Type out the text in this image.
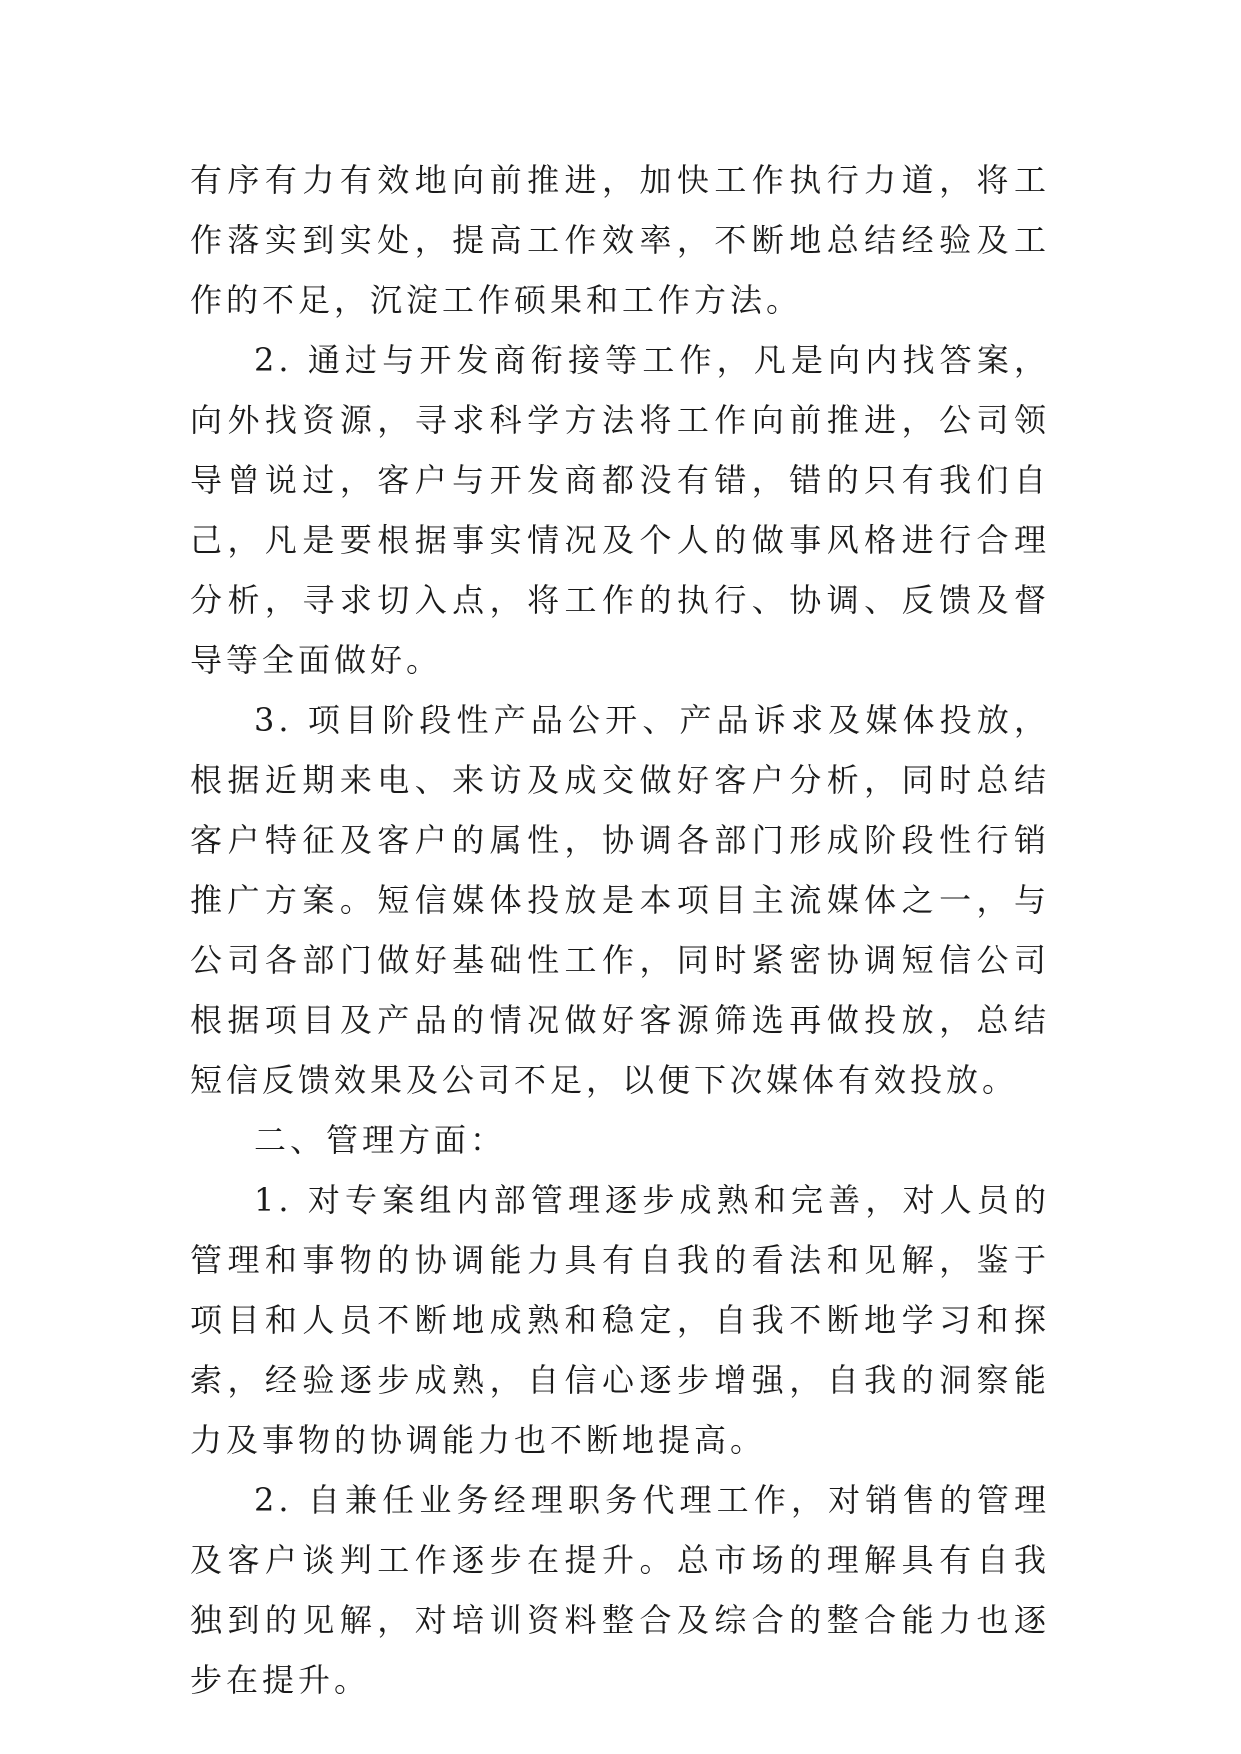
有序有力有效地向前推进，加快工作执行力道，将工作落实到实处，提高工作效率，不断地总结经验及工作的不足，沉淀工作硕果和工作方法。

2. 通过与开发商衔接等工作，凡是向内找答案，向外找资源，寻求科学方法将工作向前推进，公司领导曾说过，客户与开发商都没有错，错的只有我们自己，凡是要根据事实情况及个人的做事风格进行合理分析，寻求切入点，将工作的执行、协调、反馈及督导等全面做好。

3. 项目阶段性产品公开、产品诉求及媒体投放，根据近期来电、来访及成交做好客户分析，同时总结客户特征及客户的属性，协调各部门形成阶段性行销推广方案。短信媒体投放是本项目主流媒体之一，与公司各部门做好基础性工作，同时紧密协调短信公司根据项目及产品的情况做好客源筛选再做投放，总结短信反馈效果及公司不足，以便下次媒体有效投放。

二、管理方面：

1. 对专案组内部管理逐步成熟和完善，对人员的管理和事物的协调能力具有自我的看法和见解，鉴于项目和人员不断地成熟和稳定，自我不断地学习和探索，经验逐步成熟，自信心逐步增强，自我的洞察能力及事物的协调能力也不断地提高。

2. 自兼任业务经理职务代理工作，对销售的管理及客户谈判工作逐步在提升。总市场的理解具有自我独到的见解，对培训资料整合及综合的整合能力也逐步在提升。
